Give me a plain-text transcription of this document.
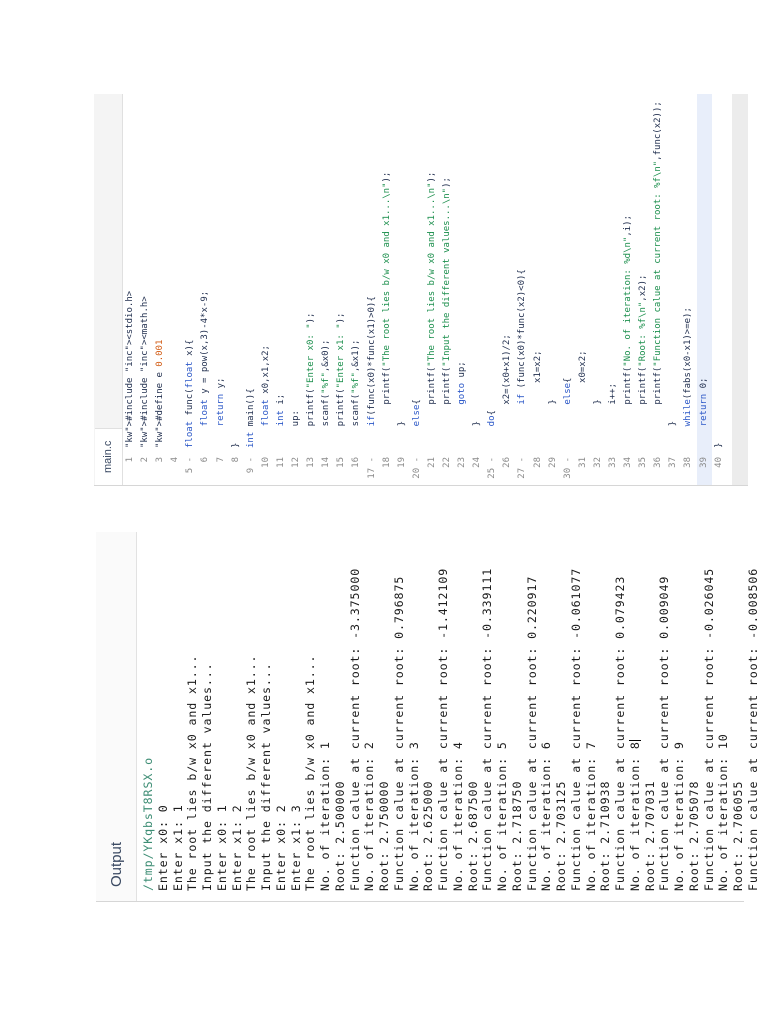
Output /tmp/YKqbsT8RSX.o Enter x0: 0 Enter x1: 1 The root lies b/w x0 and x1... Input the different values... Enter x0: 1 Enter x1: 2 The root lies b/w x0 and x1... Input the different values... Enter x0: 2 Enter x1: 3 The root lies b/w x0 and x1... No. of iteration: 1 Root: 2.500000 Function calue at current root: -3.375000 No. of iteration: 2 Root: 2.750000 Function calue at current root: 0.796875 No. of iteration: 3 Root: 2.625000 Function calue at current root: -1.412109 No. of iteration: 4 Root: 2.687500 Function calue at current root: -0.339111 No. of iteration: 5 Root: 2.718750 Function calue at current root: 0.220917 No. of iteration: 6 Root: 2.703125 Function calue at current root: -0.061077 No. of iteration: 7 Root: 2.710938 Function calue at current root: 0.079423 No. of iteration: 8 Root: 2.707031 Function calue at current root: 0.009049 No. of iteration: 9 Root: 2.705078 Function calue at current root: -0.026045 No. of iteration: 10 Root: 2.706055 Function calue at current root: -0.008506
main.c	1
"kw">#include "inc"><stdio.h>
2
"kw">#include "inc"><math.h>
3
"kw">#define e 0.001
4 5 -
float func(float x){
6
float y = pow(x,3)-4*x-9;
7
return y;
8
}
9 -
int main(){
10
float x0,x1,x2;
11
int i;
12
up:
13
printf("Enter x0: ");
14
scanf("%f",&x0);
15
printf("Enter x1: ");
16
scanf("%f",&x1);
17 -
if(func(x0)*func(x1)>0){
18
printf("The root lies b/w x0 and x1...\n");
19
}
20 -
else{
21
printf("The root lies b/w x0 and x1...\n");
22
printf("Input the different values...\n");
23
goto up;
24
}
25 -
do{
26
x2=(x0+x1)/2;
27 -
if (func(x0)*func(x2)<0){
28
x1=x2;
29
}
30 -
else{
31
x0=x2;
32
}
33
i++;
34
printf("No. of iteration: %d\n",i);
35
printf("Root: %f\n",x2);
36
printf("Function calue at current root: %f\n",func(x2));
37
}
38
while(fabs(x0-x1)>=e);
39
return 0;
40
}
